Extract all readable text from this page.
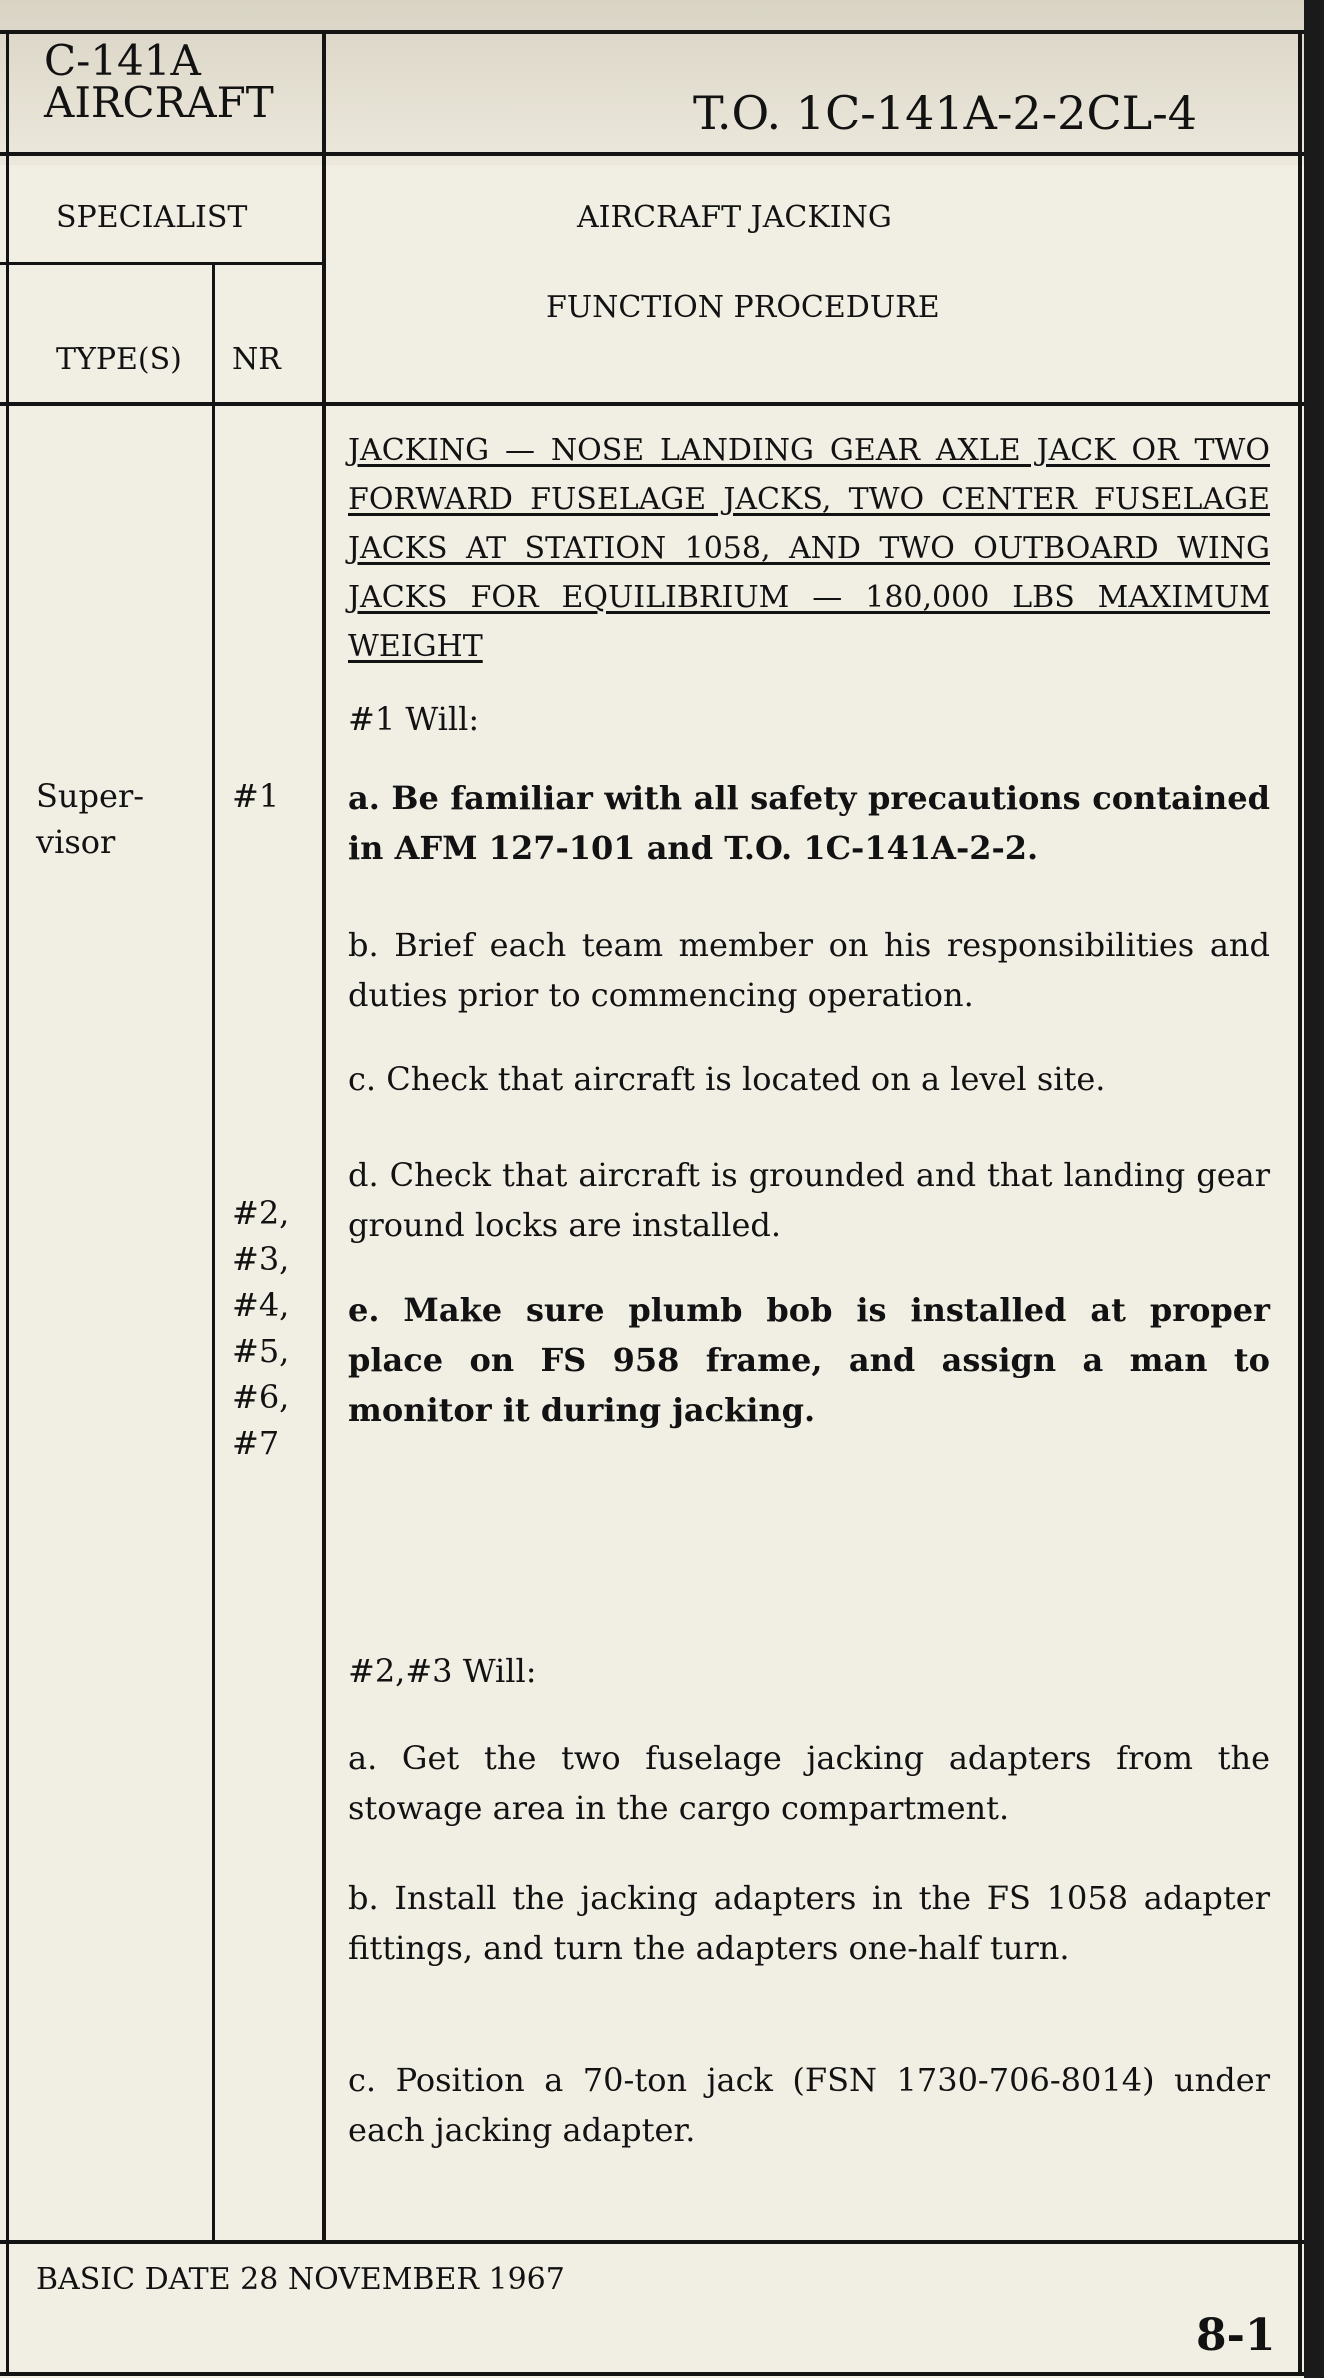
C-141A
AIRCRAFT	T.O. 1C-141A-2-2CL-4
SPECIALIST	AIRCRAFT JACKING
FUNCTION PROCEDURE
TYPE(S) NR
JACKING — NOSE LANDING GEAR AXLE JACK OR TWO FORWARD FUSELAGE JACKS, TWO CENTER FUSELAGE JACKS AT STATION 1058, AND TWO OUTBOARD WING JACKS FOR EQUILIBRIUM — 180,000 LBS MAXIMUM WEIGHT
Super-visor
#1
#2,
#3,
#4,
#5,
#6,
#7
#1 Will:
a. Be familiar with all safety precautions contained in AFM 127-101 and T.O. 1C-141A-2-2.
b. Brief each team member on his responsibilities and duties prior to commencing operation.
c. Check that aircraft is located on a level site.
d. Check that aircraft is grounded and that landing gear ground locks are installed.
e. Make sure plumb bob is installed at proper place on FS 958 frame, and assign a man to monitor it during jacking.
#2,#3 Will:
a. Get the two fuselage jacking adapters from the stowage area in the cargo compartment.
b. Install the jacking adapters in the FS 1058 adapter fittings, and turn the adapters one-half turn.
c. Position a 70-ton jack (FSN 1730-706-8014) under each jacking adapter.
BASIC DATE 28 NOVEMBER 1967
8-1
